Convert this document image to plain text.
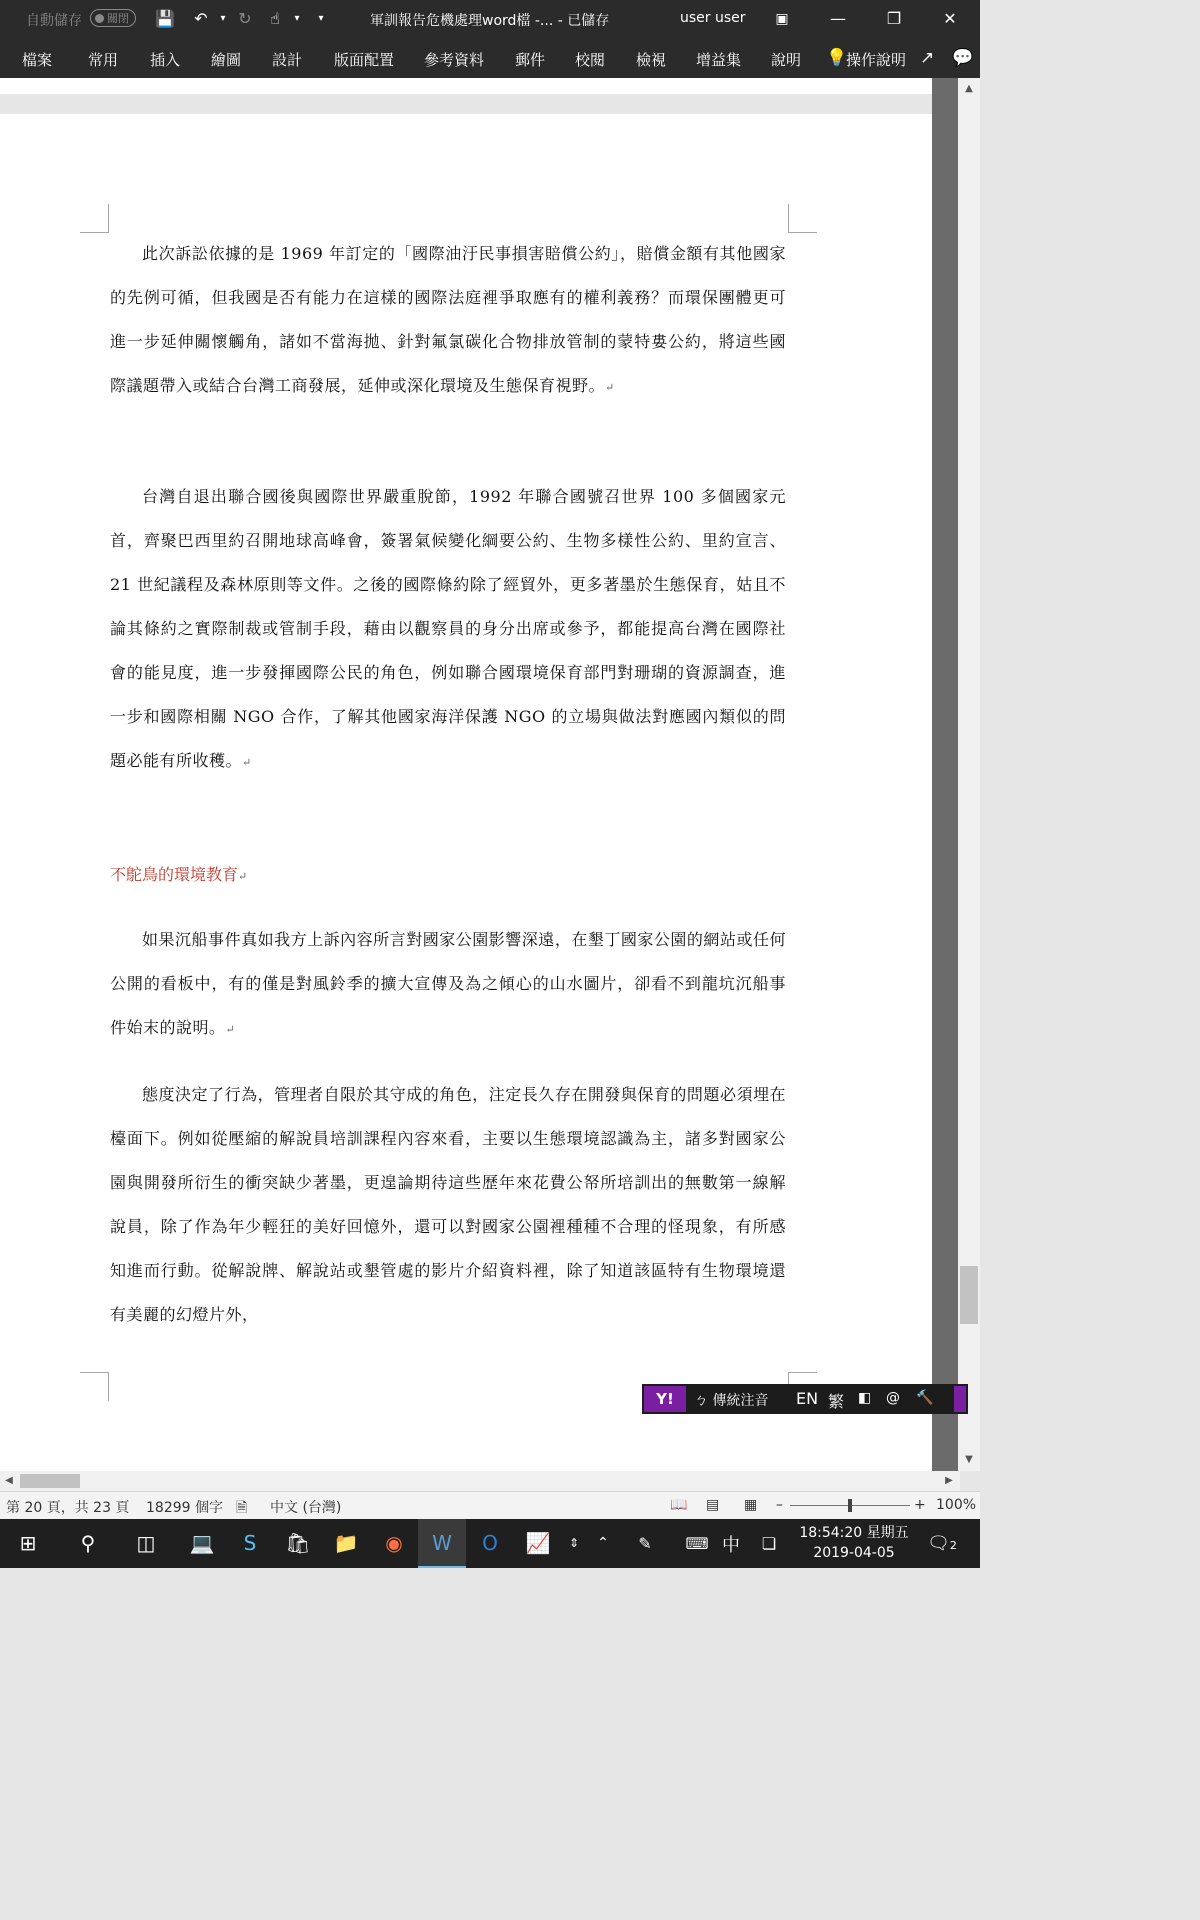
自動儲存	關閉	💾 ↶	▾ ↻	☝	▾	▾	軍訓報告危機處理word檔 -... - 已儲存	user user	▣	—	❐	✕
檔案 常用 插入 繪圖 設計 版面配置 參考資料 郵件 校閱 檢視 增益集 說明 💡
操作說明 ↗ 💬

此次訴訟依據的是 1969 年訂定的「國際油汙民事損害賠償公約」，賠償金額有其他國家的先例可循，但我國是否有能力在這樣的國際法庭裡爭取應有的權利義務？而環保團體更可進一步延伸關懷觸角，諸如不當海拋、針對氟氯碳化合物排放管制的蒙特婁公約，將這些國際議題帶入或結合台灣工商發展，延伸或深化環境及生態保育視野。↵

台灣自退出聯合國後與國際世界嚴重脫節，1992 年聯合國號召世界 100 多個國家元首，齊聚巴西里約召開地球高峰會，簽署氣候變化綱要公約、生物多樣性公約、里約宣言、21 世紀議程及森林原則等文件。之後的國際條約除了經貿外，更多著墨於生態保育，姑且不論其條約之實際制裁或管制手段，藉由以觀察員的身分出席或參予，都能提高台灣在國際社會的能見度，進一步發揮國際公民的角色，例如聯合國環境保育部門對珊瑚的資源調查，進一步和國際相關 NGO 合作，了解其他國家海洋保護 NGO 的立場與做法對應國內類似的問題必能有所收穫。↵

不鴕鳥的環境教育↵

如果沉船事件真如我方上訴內容所言對國家公園影響深遠，在墾丁國家公園的網站或任何公開的看板中，有的僅是對風鈴季的擴大宣傳及為之傾心的山水圖片，卻看不到龍坑沉船事件始末的說明。↵

態度決定了行為，管理者自限於其守成的角色，注定長久存在開發與保育的問題必須埋在檯面下。例如從壓縮的解說員培訓課程內容來看，主要以生態環境認識為主，諸多對國家公園與開發所衍生的衝突缺少著墨，更遑論期待這些歷年來花費公帑所培訓出的無數第一線解說員，除了作為年少輕狂的美好回憶外，還可以對國家公園裡種種不合理的怪現象，有所感知進而行動。從解說牌、解說站或墾管處的影片介紹資料裡，除了知道該區特有生物環境還有美麗的幻燈片外，

▲
▼
Y!	ㄅ 傳統注音 EN 繁 ◧ @ 🔨
◀	▶
第 20 頁，共 23 頁 18299 個字 🗎 中文 (台灣)	📖 ▤ ▦ –	+ 100%
⊞	⚲	◫	💻	S	🛍	📁	◉	W	O	📈	⇕	⌃	✎	⌨ 中	❏
18:54:20 星期五
2019-04-05	🗨2
